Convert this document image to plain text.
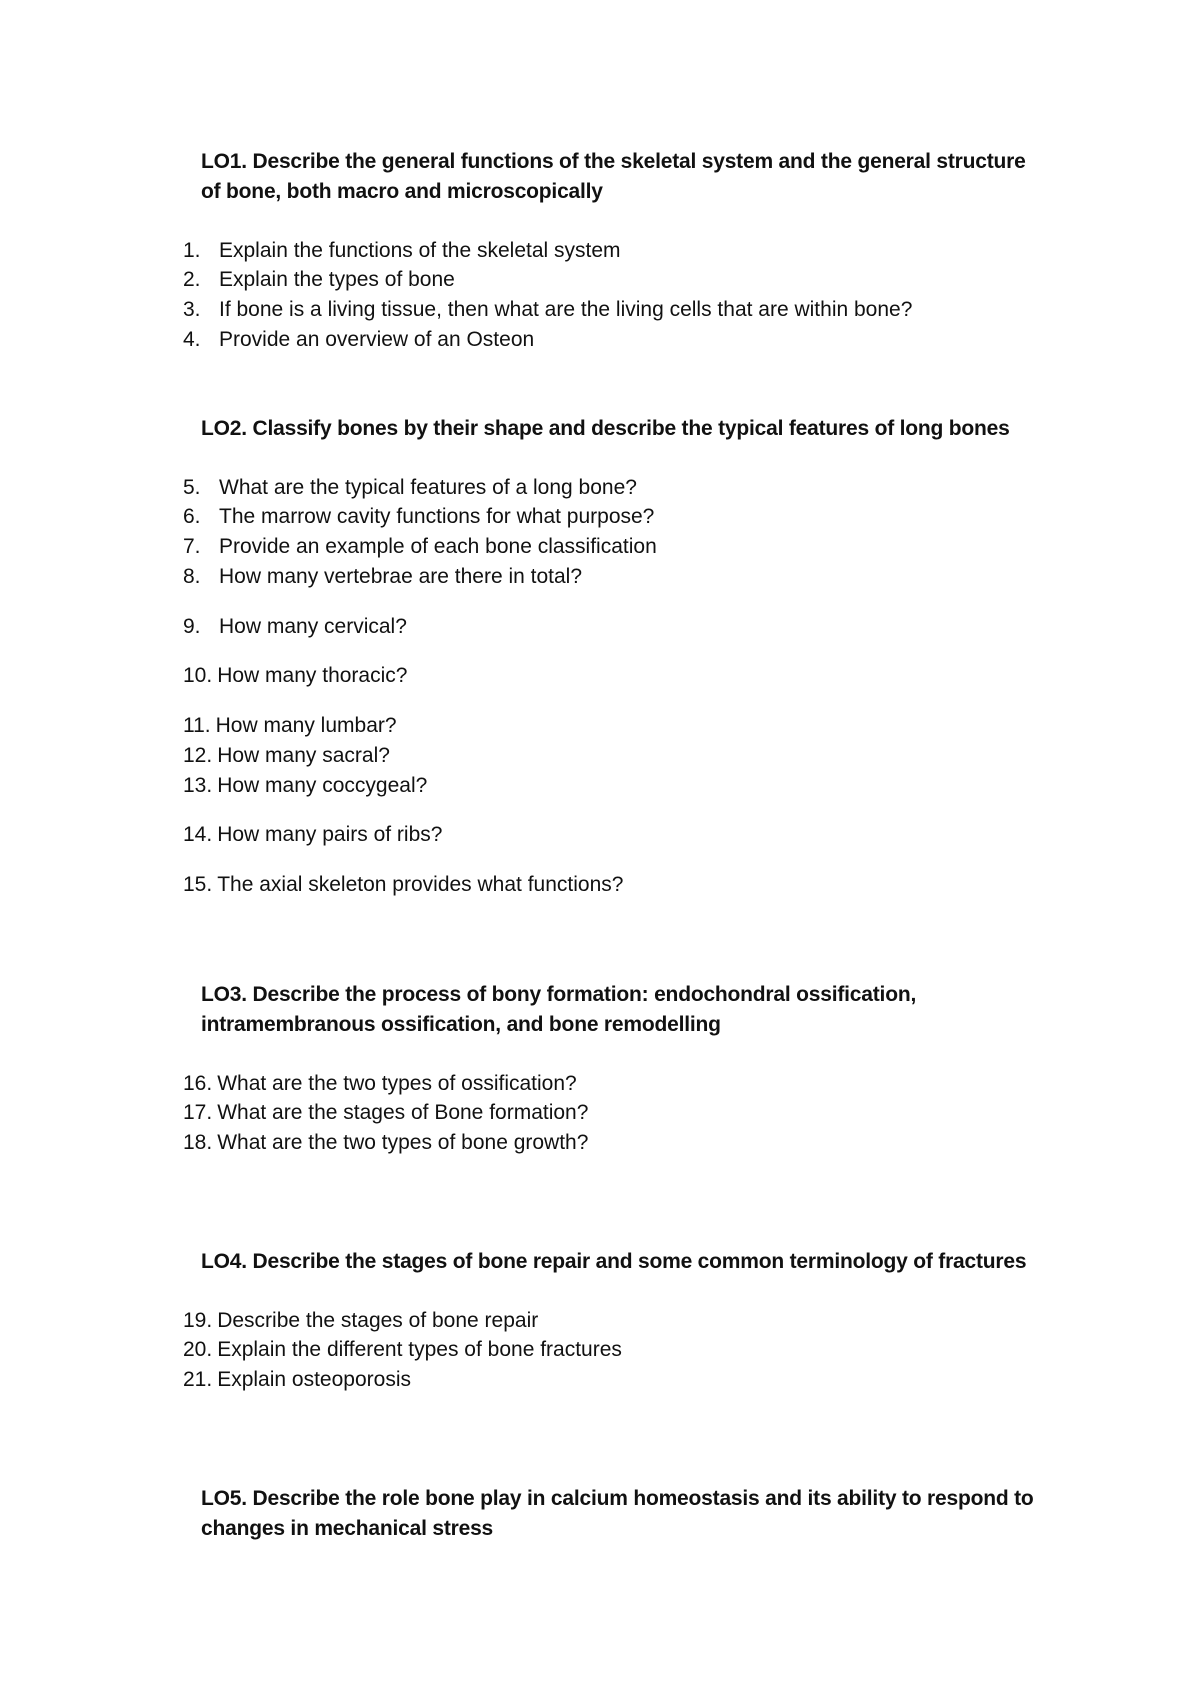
LO1. Describe the general functions of the skeletal system and the general structure
of bone, both macro and microscopically
1. Explain the functions of the skeletal system
2. Explain the types of bone
3. If bone is a living tissue, then what are the living cells that are within bone?
4. Provide an overview of an Osteon
LO2. Classify bones by their shape and describe the typical features of long bones
5. What are the typical features of a long bone?
6. The marrow cavity functions for what purpose?
7. Provide an example of each bone classification
8. How many vertebrae are there in total?
9. How many cervical?
10. How many thoracic?
11. How many lumbar?
12. How many sacral?
13. How many coccygeal?
14. How many pairs of ribs?
15. The axial skeleton provides what functions?
LO3. Describe the process of bony formation: endochondral ossification,
intramembranous ossification, and bone remodelling
16. What are the two types of ossification?
17. What are the stages of Bone formation?
18. What are the two types of bone growth?
LO4. Describe the stages of bone repair and some common terminology of fractures
19. Describe the stages of bone repair
20. Explain the different types of bone fractures
21. Explain osteoporosis
LO5. Describe the role bone play in calcium homeostasis and its ability to respond to
changes in mechanical stress
